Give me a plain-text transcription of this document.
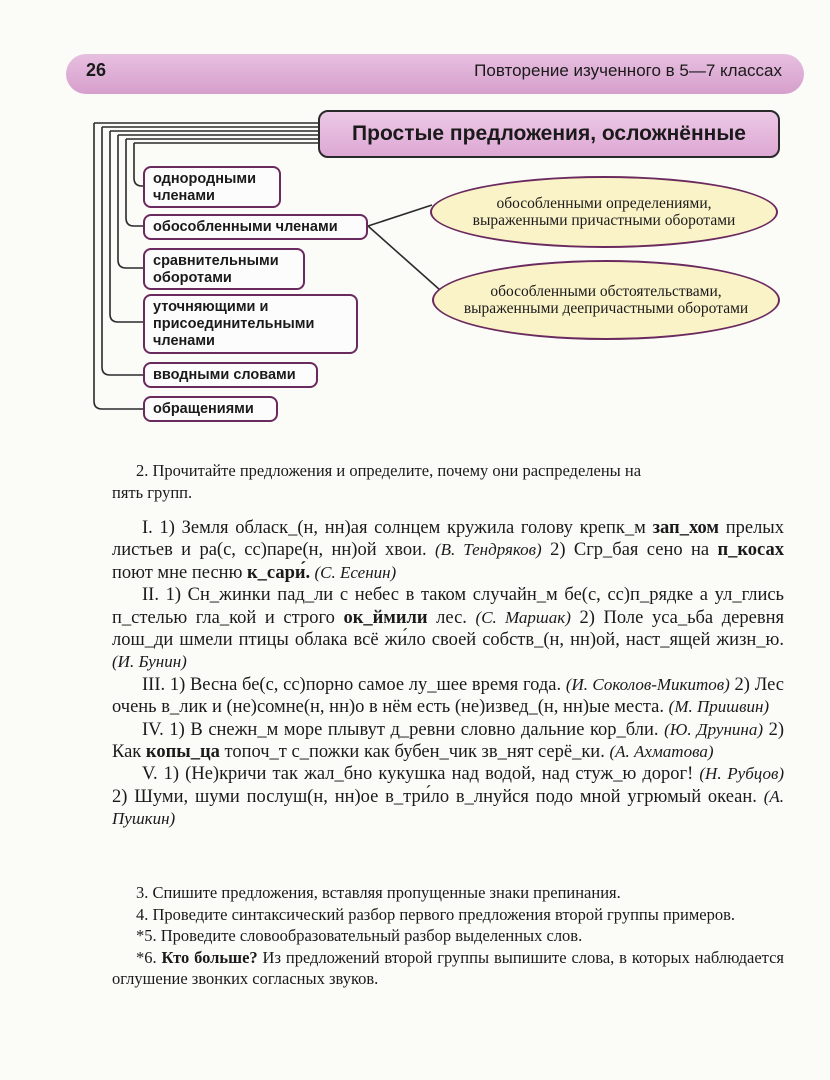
26	Повторение изученного в 5—7 классах
Простые предложения, осложнённые
однородными членами
обособленными членами
сравнительными оборотами
уточняющими и присоединительными членами
вводными словами
обращениями
обособленными определениями, выраженными причастными оборотами
обособленными обстоятельствами, выраженными деепричастными оборотами

2. Прочитайте предложения и определите, почему они распределены на

пять групп.

I. 1) Земля обласк_(н, нн)ая солнцем кружила голову крепк_м зап_хом прелых листьев и ра(с, сс)паре(н, нн)ой хвои. (В. Тендряков) 2) Сгр_бая сено на п_косах поют мне песню к_сари́. (С. Есенин)

II. 1) Сн_жинки пад_ли с небес в таком случайн_м бе(с, сс)п_рядке а ул_глись п_стелью гла_кой и строго ок_ймили лес. (С. Маршак) 2) Поле уса_ьба деревня лош_ди шмели птицы облака всё жи́ло своей собств_(н, нн)ой, наст_ящей жизн_ю. (И. Бунин)

III. 1) Весна бе(с, сс)порно самое лу_шее время года. (И. Соколов-Микитов) 2) Лес очень в_лик и (не)сомне(н, нн)о в нём есть (не)извед_(н, нн)ые места. (М. Пришвин)

IV. 1) В снежн_м море плывут д_ревни словно дальние кор_бли. (Ю. Друнина) 2) Как копы_ца топоч_т с_пожки как бубен_чик зв_нят серё_ки. (А. Ахматова)

V. 1) (Не)кричи так жал_бно кукушка над водой, над стуж_ю дорог! (Н. Рубцов) 2) Шуми, шуми послуш(н, нн)ое в_три́ло в_лнуйся подо мной угрюмый океан. (А. Пушкин)

3. Спишите предложения, вставляя пропущенные знаки препинания.

4. Проведите синтаксический разбор первого предложения второй группы примеров.

*5. Проведите словообразовательный разбор выделенных слов.

*6. Кто больше? Из предложений второй группы выпишите слова, в которых наблюдается оглушение звонких согласных звуков.
